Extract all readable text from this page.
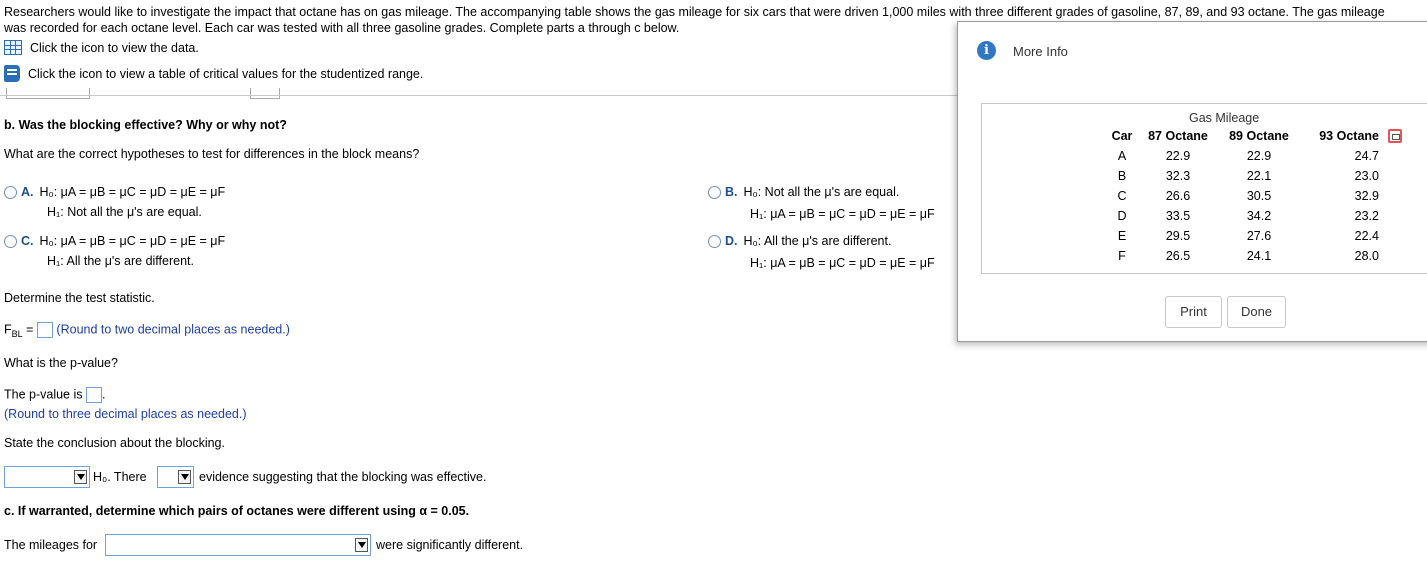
Researchers would like to investigate the impact that octane has on gas mileage. The accompanying table shows the gas mileage for six cars that were driven 1,000 miles with three different grades of gasoline, 87, 89, and 93 octane. The gas mileage was recorded for each octane level. Each car was tested with all three gasoline grades. Complete parts a through c below.
Click the icon to view the data.
Click the icon to view a table of critical values for the studentized range.
b. Was the blocking effective? Why or why not?
What are the correct hypotheses to test for differences in the block means?
A. H₀: μA = μB = μC = μD = μE = μF
H₁: Not all the μ's are equal.
B. H₀: Not all the μ's are equal.
H₁: μA = μB = μC = μD = μE = μF
C. H₀: μA = μB = μC = μD = μE = μF
H₁: All the μ's are different.
D. H₀: All the μ's are different.
H₁: μA = μB = μC = μD = μE = μF
Determine the test statistic.
$F_{BL}$ = (Round to two decimal places as needed.)
What is the p-value?
The p-value is .
(Round to three decimal places as needed.)
State the conclusion about the blocking.
H₀. There	evidence suggesting that the blocking was effective.
c. If warranted, determine which pairs of octanes were different using α = 0.05.
The mileages for	were significantly different.
i	More Info
Gas Mileage
Car	87 Octane	89 Octane	93 Octane	
A	22.9	22.9	24.7	
B	32.3	22.1	23.0	
C	26.6	30.5	32.9	
D	33.5	34.2	23.2	
E	29.5	27.6	22.4	
F	26.5	24.1	28.0	
Print	Done
